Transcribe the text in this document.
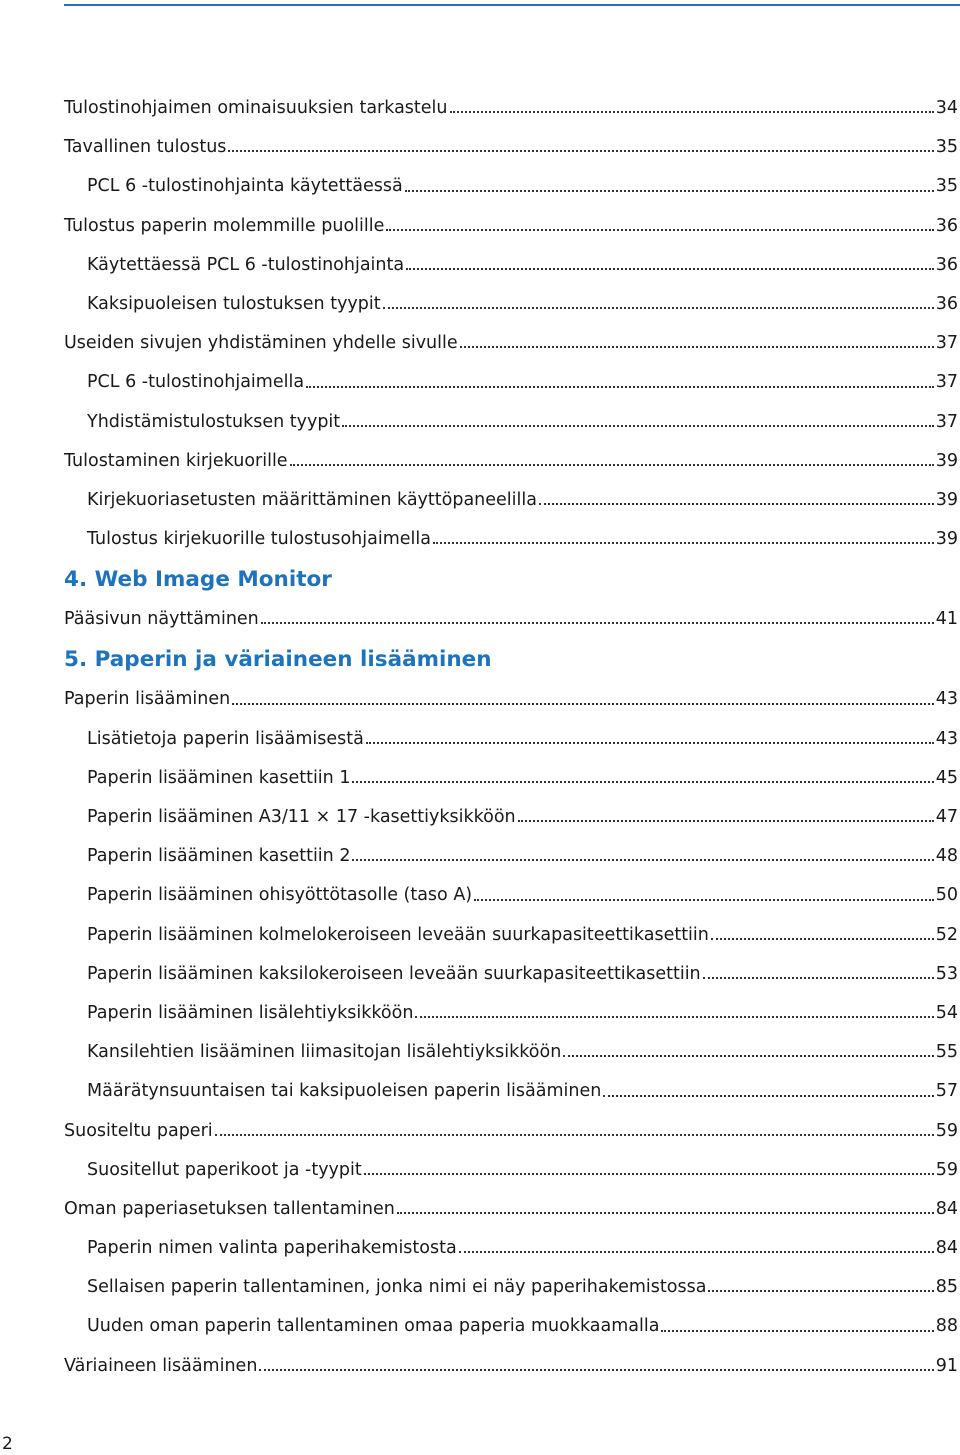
Tulostinohjaimen ominaisuuksien tarkastelu	34
Tavallinen tulostus	35
PCL 6 -tulostinohjainta käytettäessä	35
Tulostus paperin molemmille puolille	36
Käytettäessä PCL 6 -tulostinohjainta	36
Kaksipuoleisen tulostuksen tyypit	36
Useiden sivujen yhdistäminen yhdelle sivulle	37
PCL 6 -tulostinohjaimella	37
Yhdistämistulostuksen tyypit	37
Tulostaminen kirjekuorille	39
Kirjekuoriasetusten määrittäminen käyttöpaneelilla	39
Tulostus kirjekuorille tulostusohjaimella	39
4. Web Image Monitor
Pääsivun näyttäminen	41
5. Paperin ja väriaineen lisääminen
Paperin lisääminen	43
Lisätietoja paperin lisäämisestä	43
Paperin lisääminen kasettiin 1	45
Paperin lisääminen A3/11 × 17 -kasettiyksikköön	47
Paperin lisääminen kasettiin 2	48
Paperin lisääminen ohisyöttötasolle (taso A)	50
Paperin lisääminen kolmelokeroiseen leveään suurkapasiteettikasettiin	52
Paperin lisääminen kaksilokeroiseen leveään suurkapasiteettikasettiin	53
Paperin lisääminen lisälehtiyksikköön	54
Kansilehtien lisääminen liimasitojan lisälehtiyksikköön	55
Määrätynsuuntaisen tai kaksipuoleisen paperin lisääminen	57
Suositeltu paperi	59
Suositellut paperikoot ja -tyypit	59
Oman paperiasetuksen tallentaminen	84
Paperin nimen valinta paperihakemistosta	84
Sellaisen paperin tallentaminen, jonka nimi ei näy paperihakemistossa	85
Uuden oman paperin tallentaminen omaa paperia muokkaamalla	88
Väriaineen lisääminen	91
2
